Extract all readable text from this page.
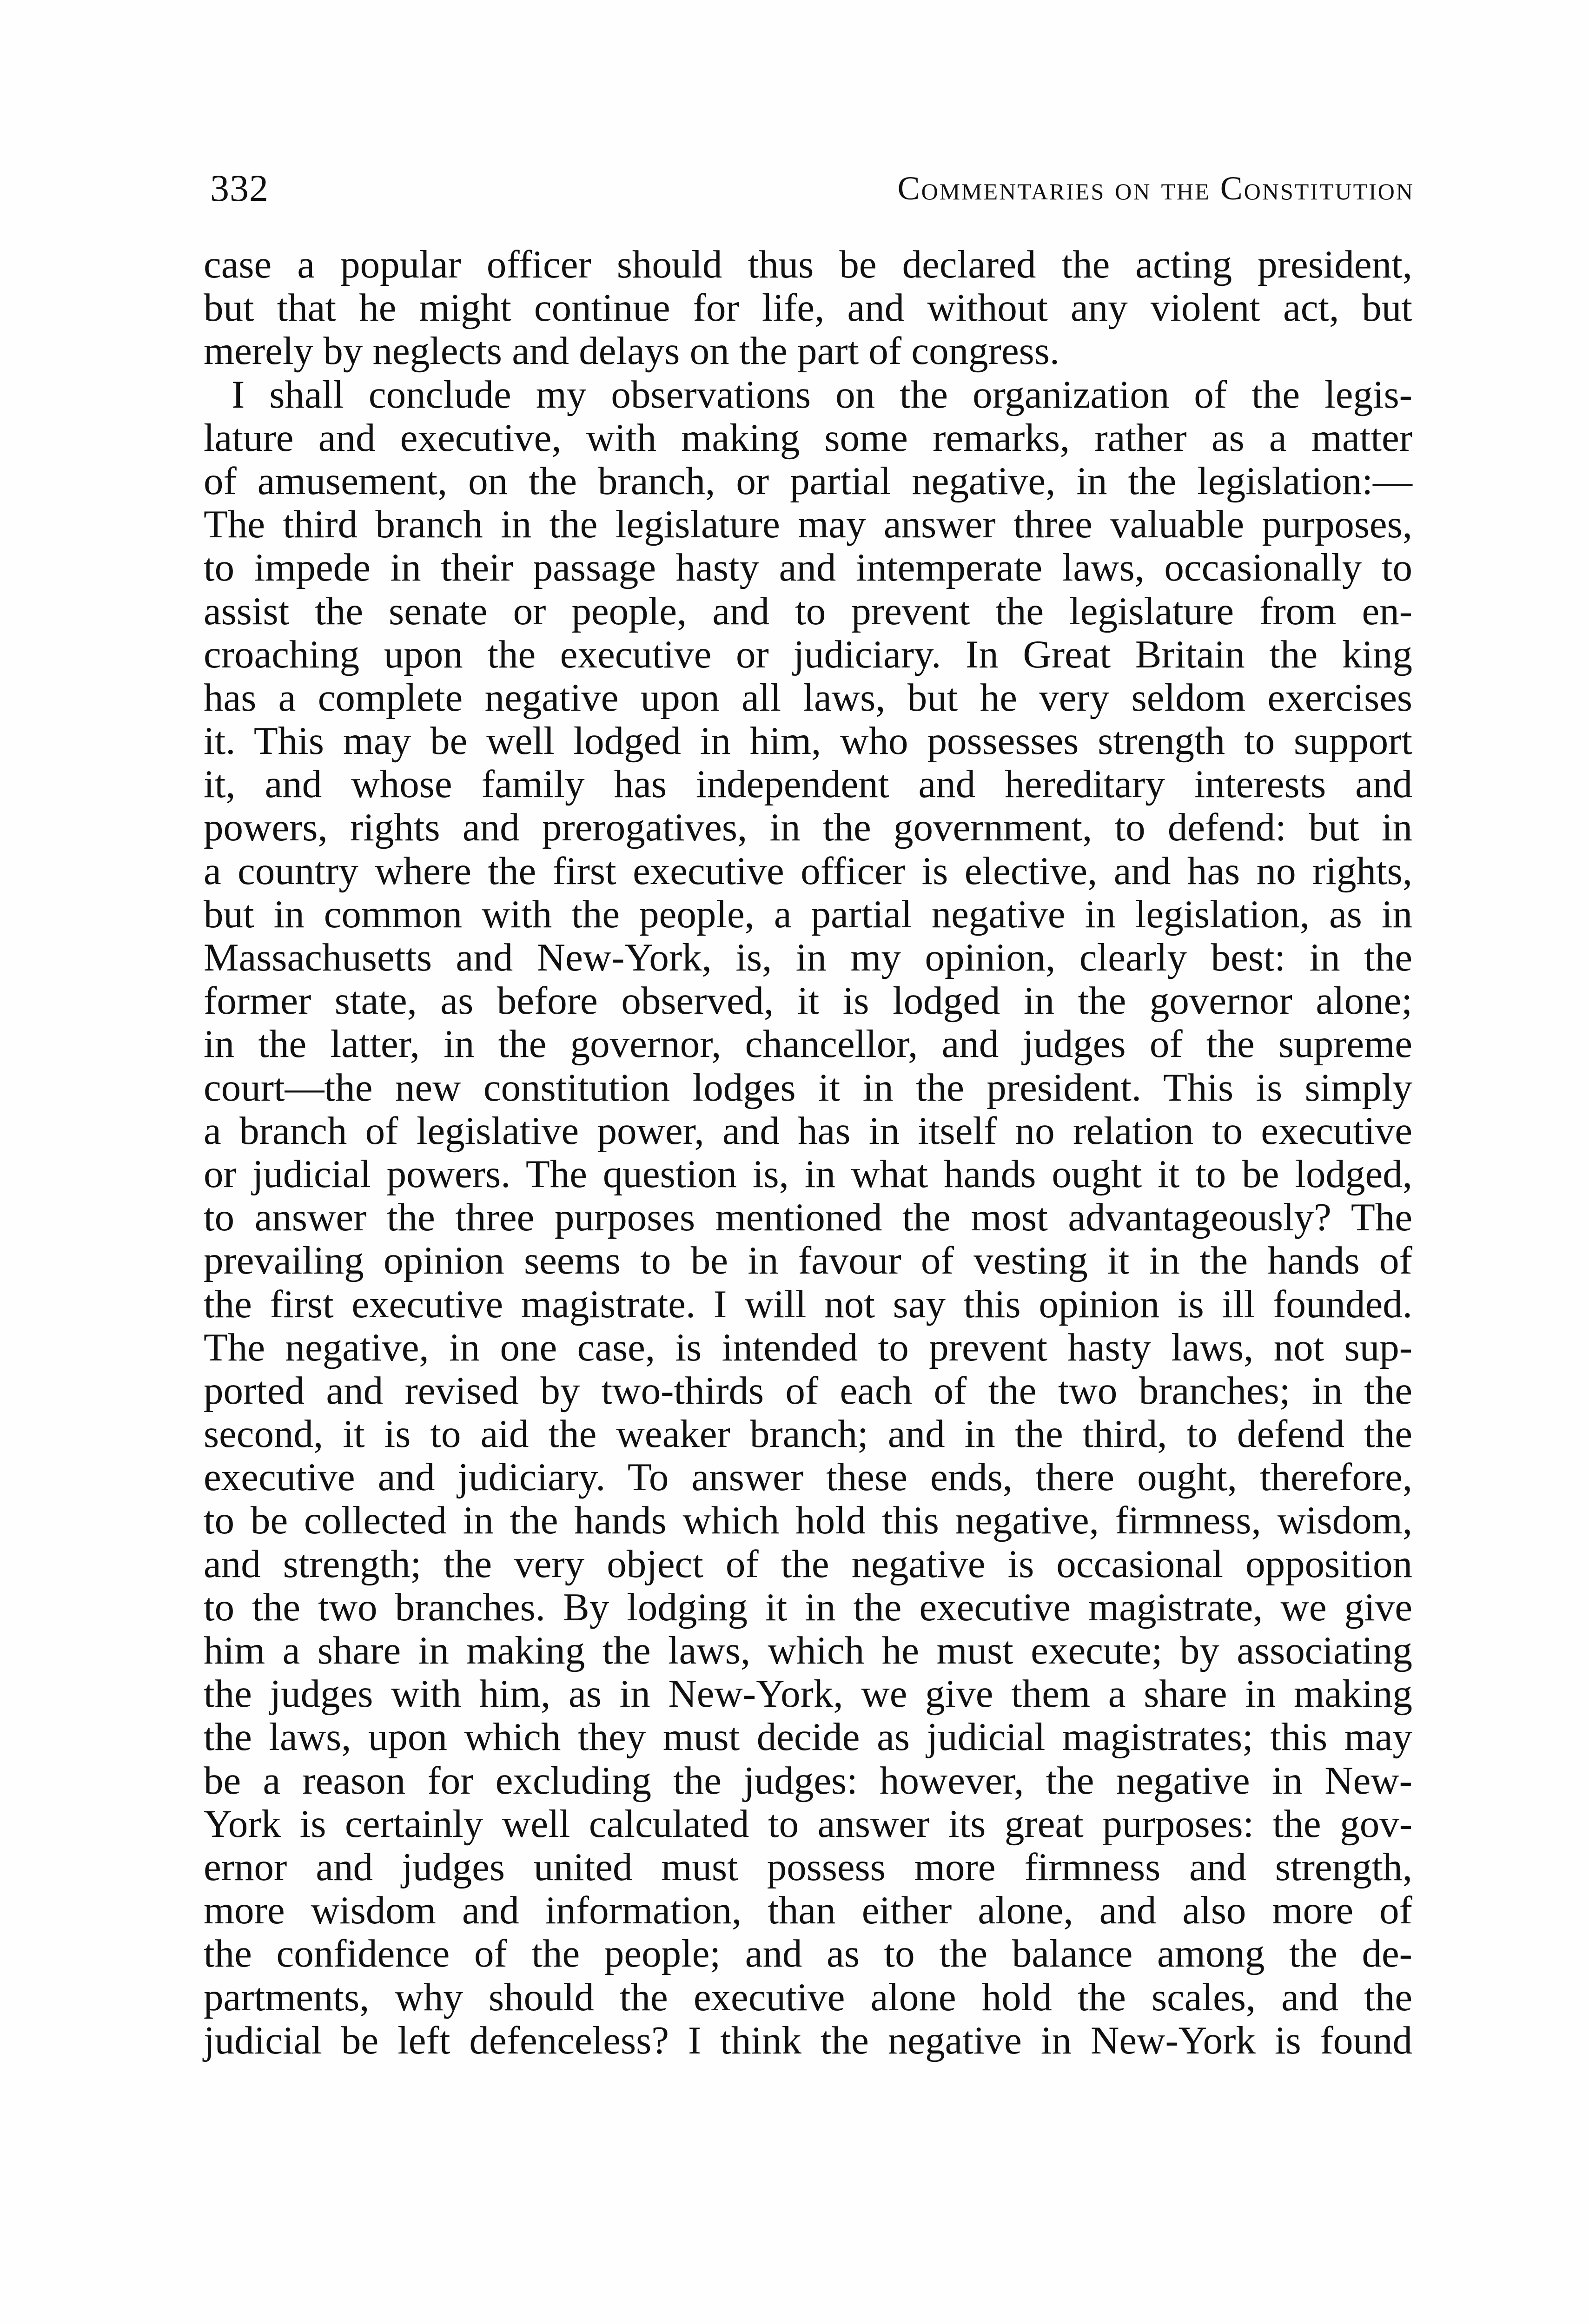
332	Commentaries on the Constitution
case a popular officer should thus be declared the acting president,
but that he might continue for life, and without any violent act, but
merely by neglects and delays on the part of congress.
I shall conclude my observations on the organization of the legis-
lature and executive, with making some remarks, rather as a matter
of amusement, on the branch, or partial negative, in the legislation:—
The third branch in the legislature may answer three valuable purposes,
to impede in their passage hasty and intemperate laws, occasionally to
assist the senate or people, and to prevent the legislature from en-
croaching upon the executive or judiciary. In Great Britain the king
has a complete negative upon all laws, but he very seldom exercises
it. This may be well lodged in him, who possesses strength to support
it, and whose family has independent and hereditary interests and
powers, rights and prerogatives, in the government, to defend: but in
a country where the first executive officer is elective, and has no rights,
but in common with the people, a partial negative in legislation, as in
Massachusetts and New-York, is, in my opinion, clearly best: in the
former state, as before observed, it is lodged in the governor alone;
in the latter, in the governor, chancellor, and judges of the supreme
court—the new constitution lodges it in the president. This is simply
a branch of legislative power, and has in itself no relation to executive
or judicial powers. The question is, in what hands ought it to be lodged,
to answer the three purposes mentioned the most advantageously? The
prevailing opinion seems to be in favour of vesting it in the hands of
the first executive magistrate. I will not say this opinion is ill founded.
The negative, in one case, is intended to prevent hasty laws, not sup-
ported and revised by two-thirds of each of the two branches; in the
second, it is to aid the weaker branch; and in the third, to defend the
executive and judiciary. To answer these ends, there ought, therefore,
to be collected in the hands which hold this negative, firmness, wisdom,
and strength; the very object of the negative is occasional opposition
to the two branches. By lodging it in the executive magistrate, we give
him a share in making the laws, which he must execute; by associating
the judges with him, as in New-York, we give them a share in making
the laws, upon which they must decide as judicial magistrates; this may
be a reason for excluding the judges: however, the negative in New-
York is certainly well calculated to answer its great purposes: the gov-
ernor and judges united must possess more firmness and strength,
more wisdom and information, than either alone, and also more of
the confidence of the people; and as to the balance among the de-
partments, why should the executive alone hold the scales, and the
judicial be left defenceless? I think the negative in New-York is found
